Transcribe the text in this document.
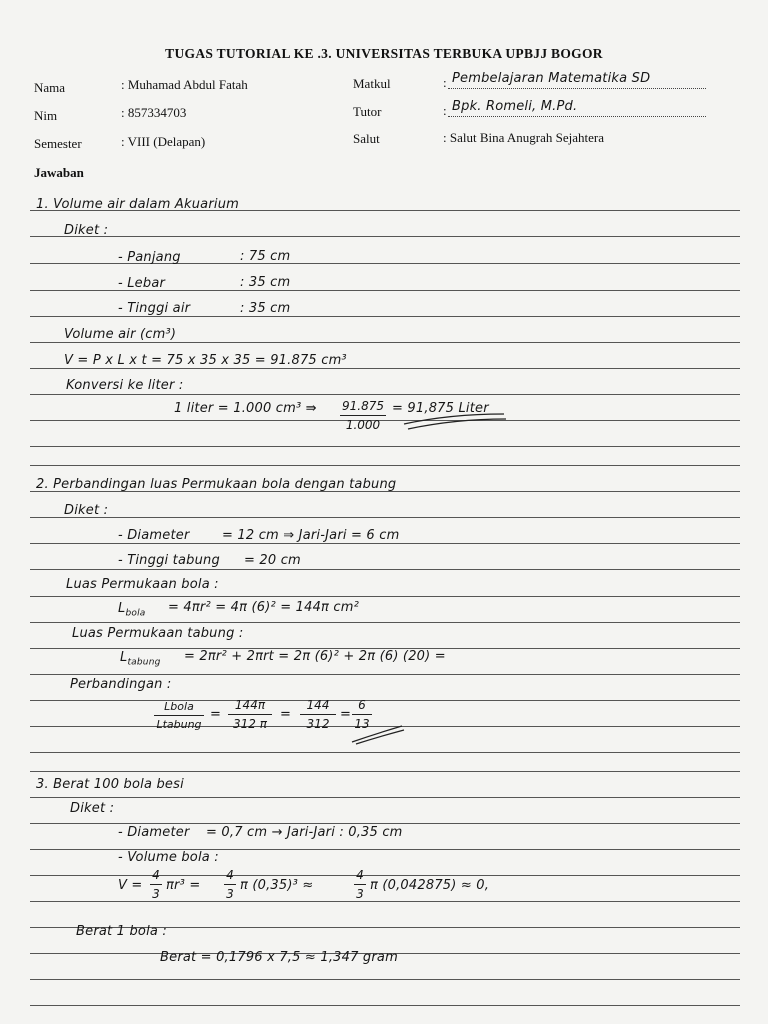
TUGAS TUTORIAL KE .3. UNIVERSITAS TERBUKA UPBJJ BOGOR
Nama	: Muhamad Abdul Fatah
Nim	: 857334703
Semester	: VIII (Delapan)
Matkul	: Pembelajaran Matematika SD
Tutor	: Bpk. Romeli, M.Pd.
Salut	: Salut Bina Anugrah Sejahtera
Jawaban
1. Volume air dalam Akuarium
Diket :
- Panjang	: 75 cm
- Lebar	: 35 cm
- Tinggi air	: 35 cm
Volume air (cm³)
V = P x L x t = 75 x 35 x 35 = 91.875 cm³
Konversi ke liter :
1 liter = 1.000 cm³ ⇛ 91.875
1.000
= 91,875 Liter
2. Perbandingan luas Permukaan bola dengan tabung
Diket :
- Diameter = 12 cm ⇒ Jari-Jari = 6 cm
- Tinggi tabung = 20 cm
Luas Permukaan bola :
$L_{bola} = 4\pi r^2 = 4\pi$ (6)² = 144π cm²
Luas Permukaan tabung :
$L_{tabung} = 2\pi r^2 + 2\pi rt = 2\pi$ (6)² + 2π (6) (20) =
Perbandingan :
Lbola
Ltabung
=
144π
312 π
=
144
312
=
6
13
3. Berat 100 bola besi
Diket :
- Diameter = 0,7 cm → Jari-Jari : 0,35 cm
- Volume bola :
V =
4
3
πr³ =
4
3
π (0,35)³ ≈
4
3
π (0,042875) ≈ 0,
Berat 1 bola :
Berat = 0,1796 x 7,5 ≈ 1,347 gram
